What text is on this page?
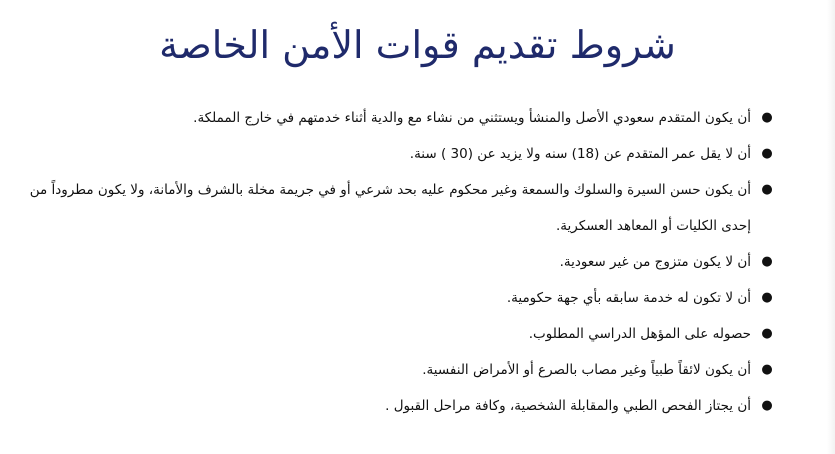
شروط تقديم قوات الأمن الخاصة
●
أن يكون المتقدم سعودي الأصل والمنشأ ويستثني من نشاء مع والدية أثناء خدمتهم في خارج المملكة.
●
أن لا يقل عمر المتقدم عن (18) سنه ولا يزيد عن (30 ) سنة.
●
أن يكون حسن السيرة والسلوك والسمعة وغير محكوم عليه بحد شرعي أو في جريمة مخلة بالشرف والأمانة، ولا يكون مطروداً من إحدى الكليات أو المعاهد العسكرية.
●
أن لا يكون متزوج من غير سعودية.
●
أن لا تكون له خدمة سابقه بأي جهة حكومية.
●
حصوله على المؤهل الدراسي المطلوب.
●
أن يكون لائقاً طبياً وغير مصاب بالصرع أو الأمراض النفسية.
●
أن يجتاز الفحص الطبي والمقابلة الشخصية، وكافة مراحل القبول .
